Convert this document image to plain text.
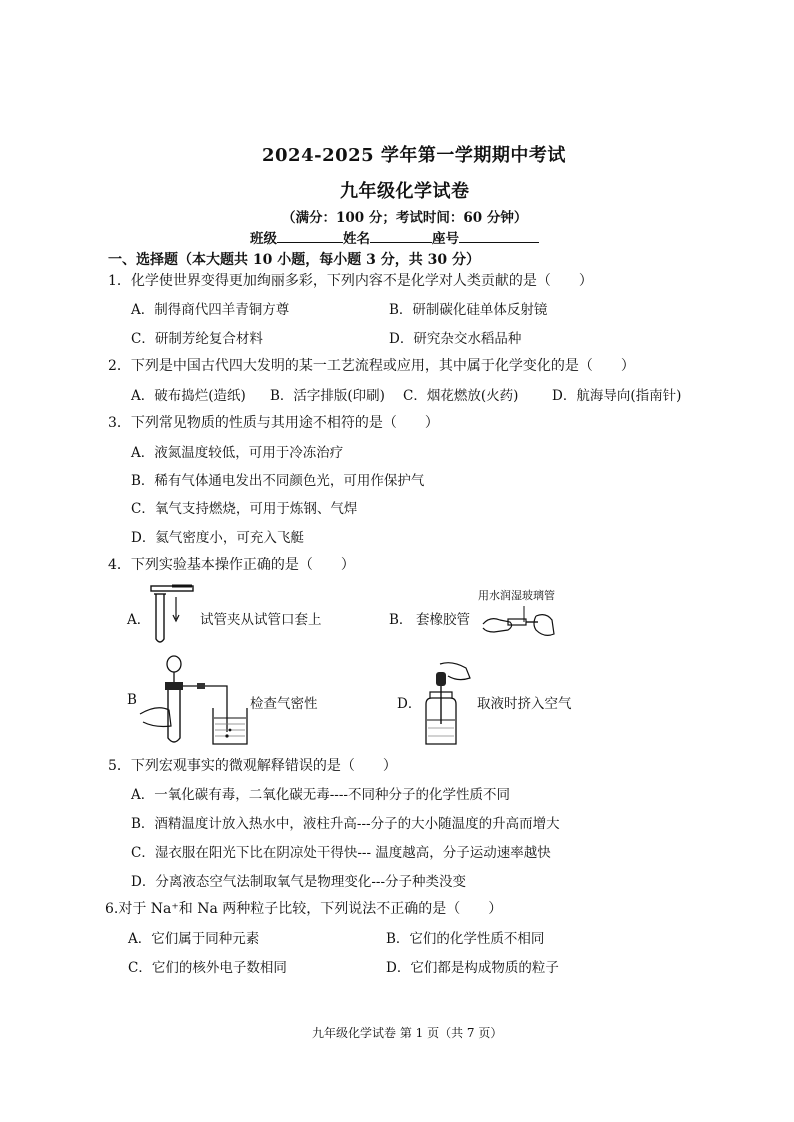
2024-2025 学年第一学期期中考试
九年级化学试卷
（满分：100 分；考试时间：60 分钟）
班级	姓名	座号
一、选择题（本大题共 10 小题，每小题 3 分，共 30 分）
1．化学使世界变得更加绚丽多彩，下列内容不是化学对人类贡献的是（　　）
A．制得商代四羊青铜方尊	B．研制碳化硅单体反射镜
C．研制芳纶复合材料	D．研究杂交水稻品种
2．下列是中国古代四大发明的某一工艺流程或应用，其中属于化学变化的是（　　）
A．破布捣烂(造纸) B．活字排版(印刷) C．烟花燃放(火药) D．航海导向(指南针)
3．下列常见物质的性质与其用途不相符的是（　　）
A．液氮温度较低，可用于冷冻治疗
B．稀有气体通电发出不同颜色光，可用作保护气
C．氧气支持燃烧，可用于炼钢、气焊
D．氦气密度小，可充入飞艇
4．下列实验基本操作正确的是（　　）
A．	试管夹从试管口套上	B． 套橡胶管
用水润湿玻璃管
B	检查气密性	D．	取液时挤入空气
5．下列宏观事实的微观解释错误的是（　　）
A．一氧化碳有毒，二氧化碳无毒----不同种分子的化学性质不同
B．酒精温度计放入热水中，液柱升高---分子的大小随温度的升高而增大
C．湿衣服在阳光下比在阴凉处干得快--- 温度越高，分子运动速率越快
D．分离液态空气法制取氧气是物理变化---分子种类没变
6.对于 Na⁺和 Na 两种粒子比较，下列说法不正确的是（　　）
A．它们属于同种元素	B．它们的化学性质不相同
C．它们的核外电子数相同	D．它们都是构成物质的粒子
九年级化学试卷 第 1 页（共 7 页）
